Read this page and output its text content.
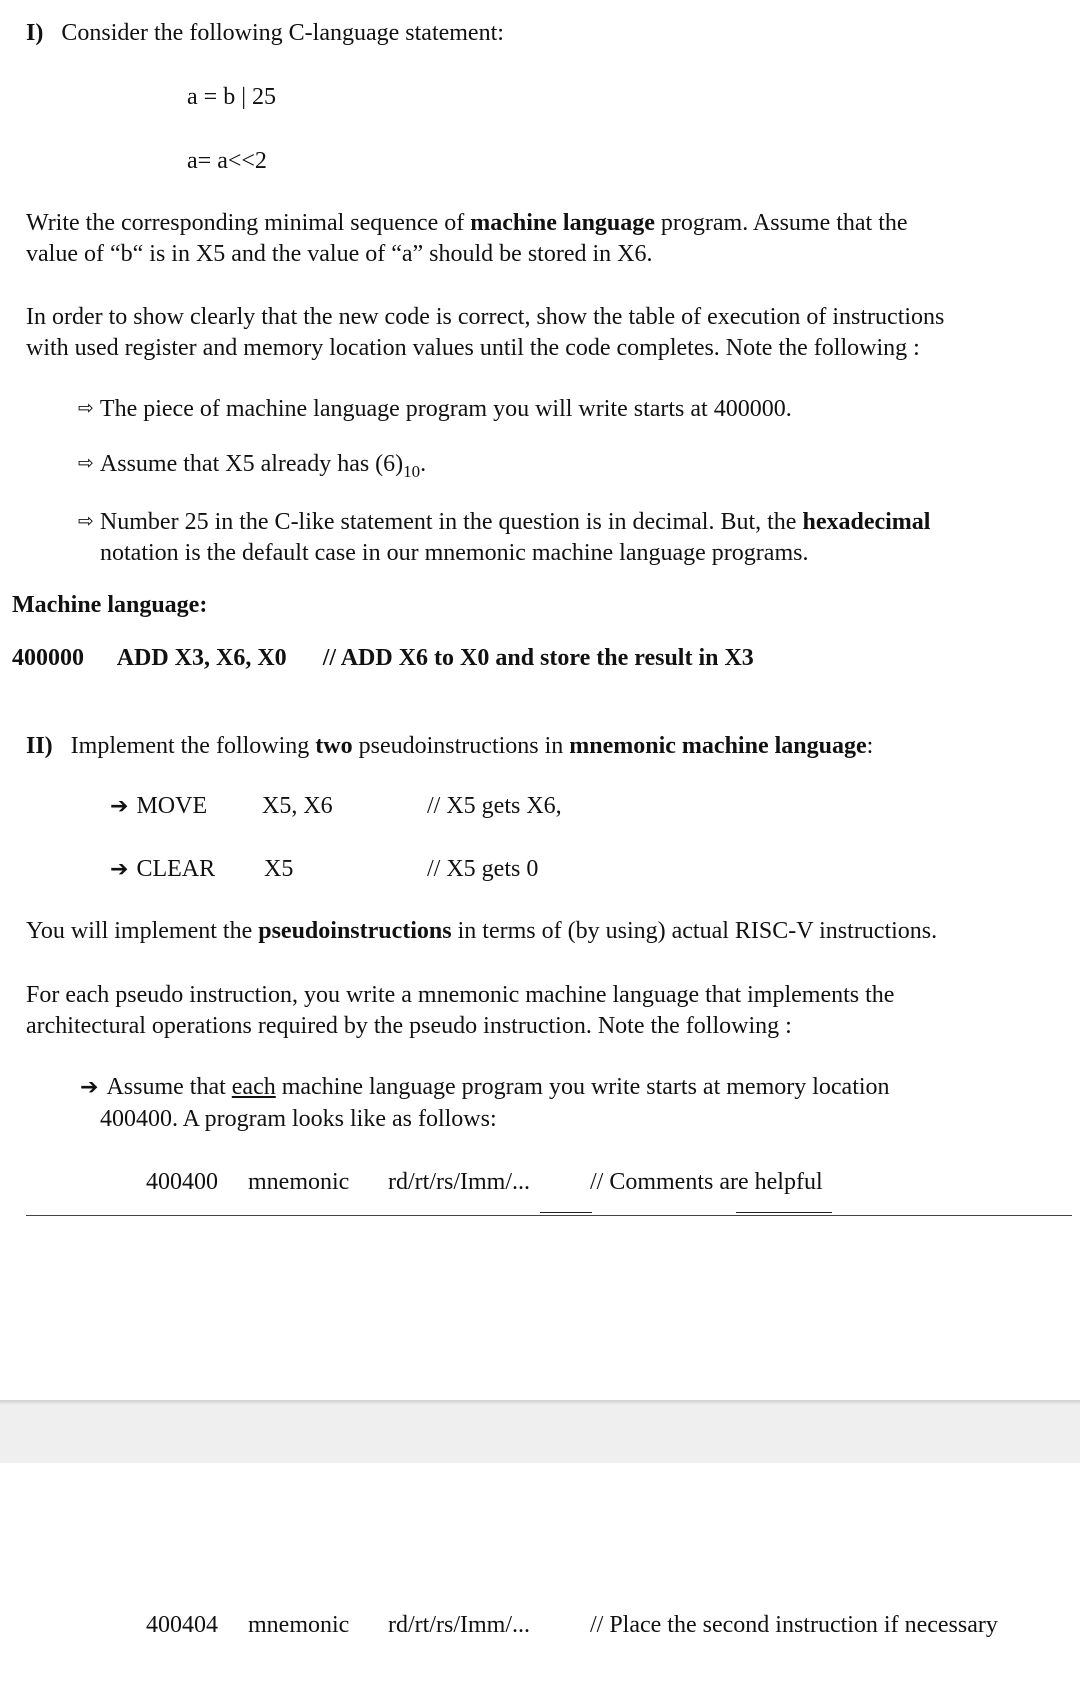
I) Consider the following C-language statement:
a = b | 25
a= a<<2
Write the corresponding minimal sequence of machine language program. Assume that the
value of “b“ is in X5 and the value of “a” should be stored in X6.
In order to show clearly that the new code is correct, show the table of execution of instructions
with used register and memory location values until the code completes. Note the following :
⇨ The piece of machine language program you will write starts at 400000.
⇨ Assume that X5 already has $(6)_{10}$.
⇨ Number 25 in the C-like statement in the question is in decimal. But, the hexadecimal
notation is the default case in our mnemonic machine language programs.
Machine language:
400000 ADD X3, X6, X0 // ADD X6 to X0 and store the result in X3
II) Implement the following two pseudoinstructions in mnemonic machine language:
➔ MOVE X5, X6	// X5 gets X6,
➔ CLEAR X5	// X5 gets 0
You will implement the pseudoinstructions in terms of (by using) actual RISC-V instructions.
For each pseudo instruction, you write a mnemonic machine language that implements the
architectural operations required by the pseudo instruction. Note the following :
➔ Assume that each machine language program you write starts at memory location
400400. A program looks like as follows:
400400 mnemonic rd/rt/rs/Imm/...	// Comments are helpful
400404 mnemonic rd/rt/rs/Imm/...	// Place the second instruction if necessary
